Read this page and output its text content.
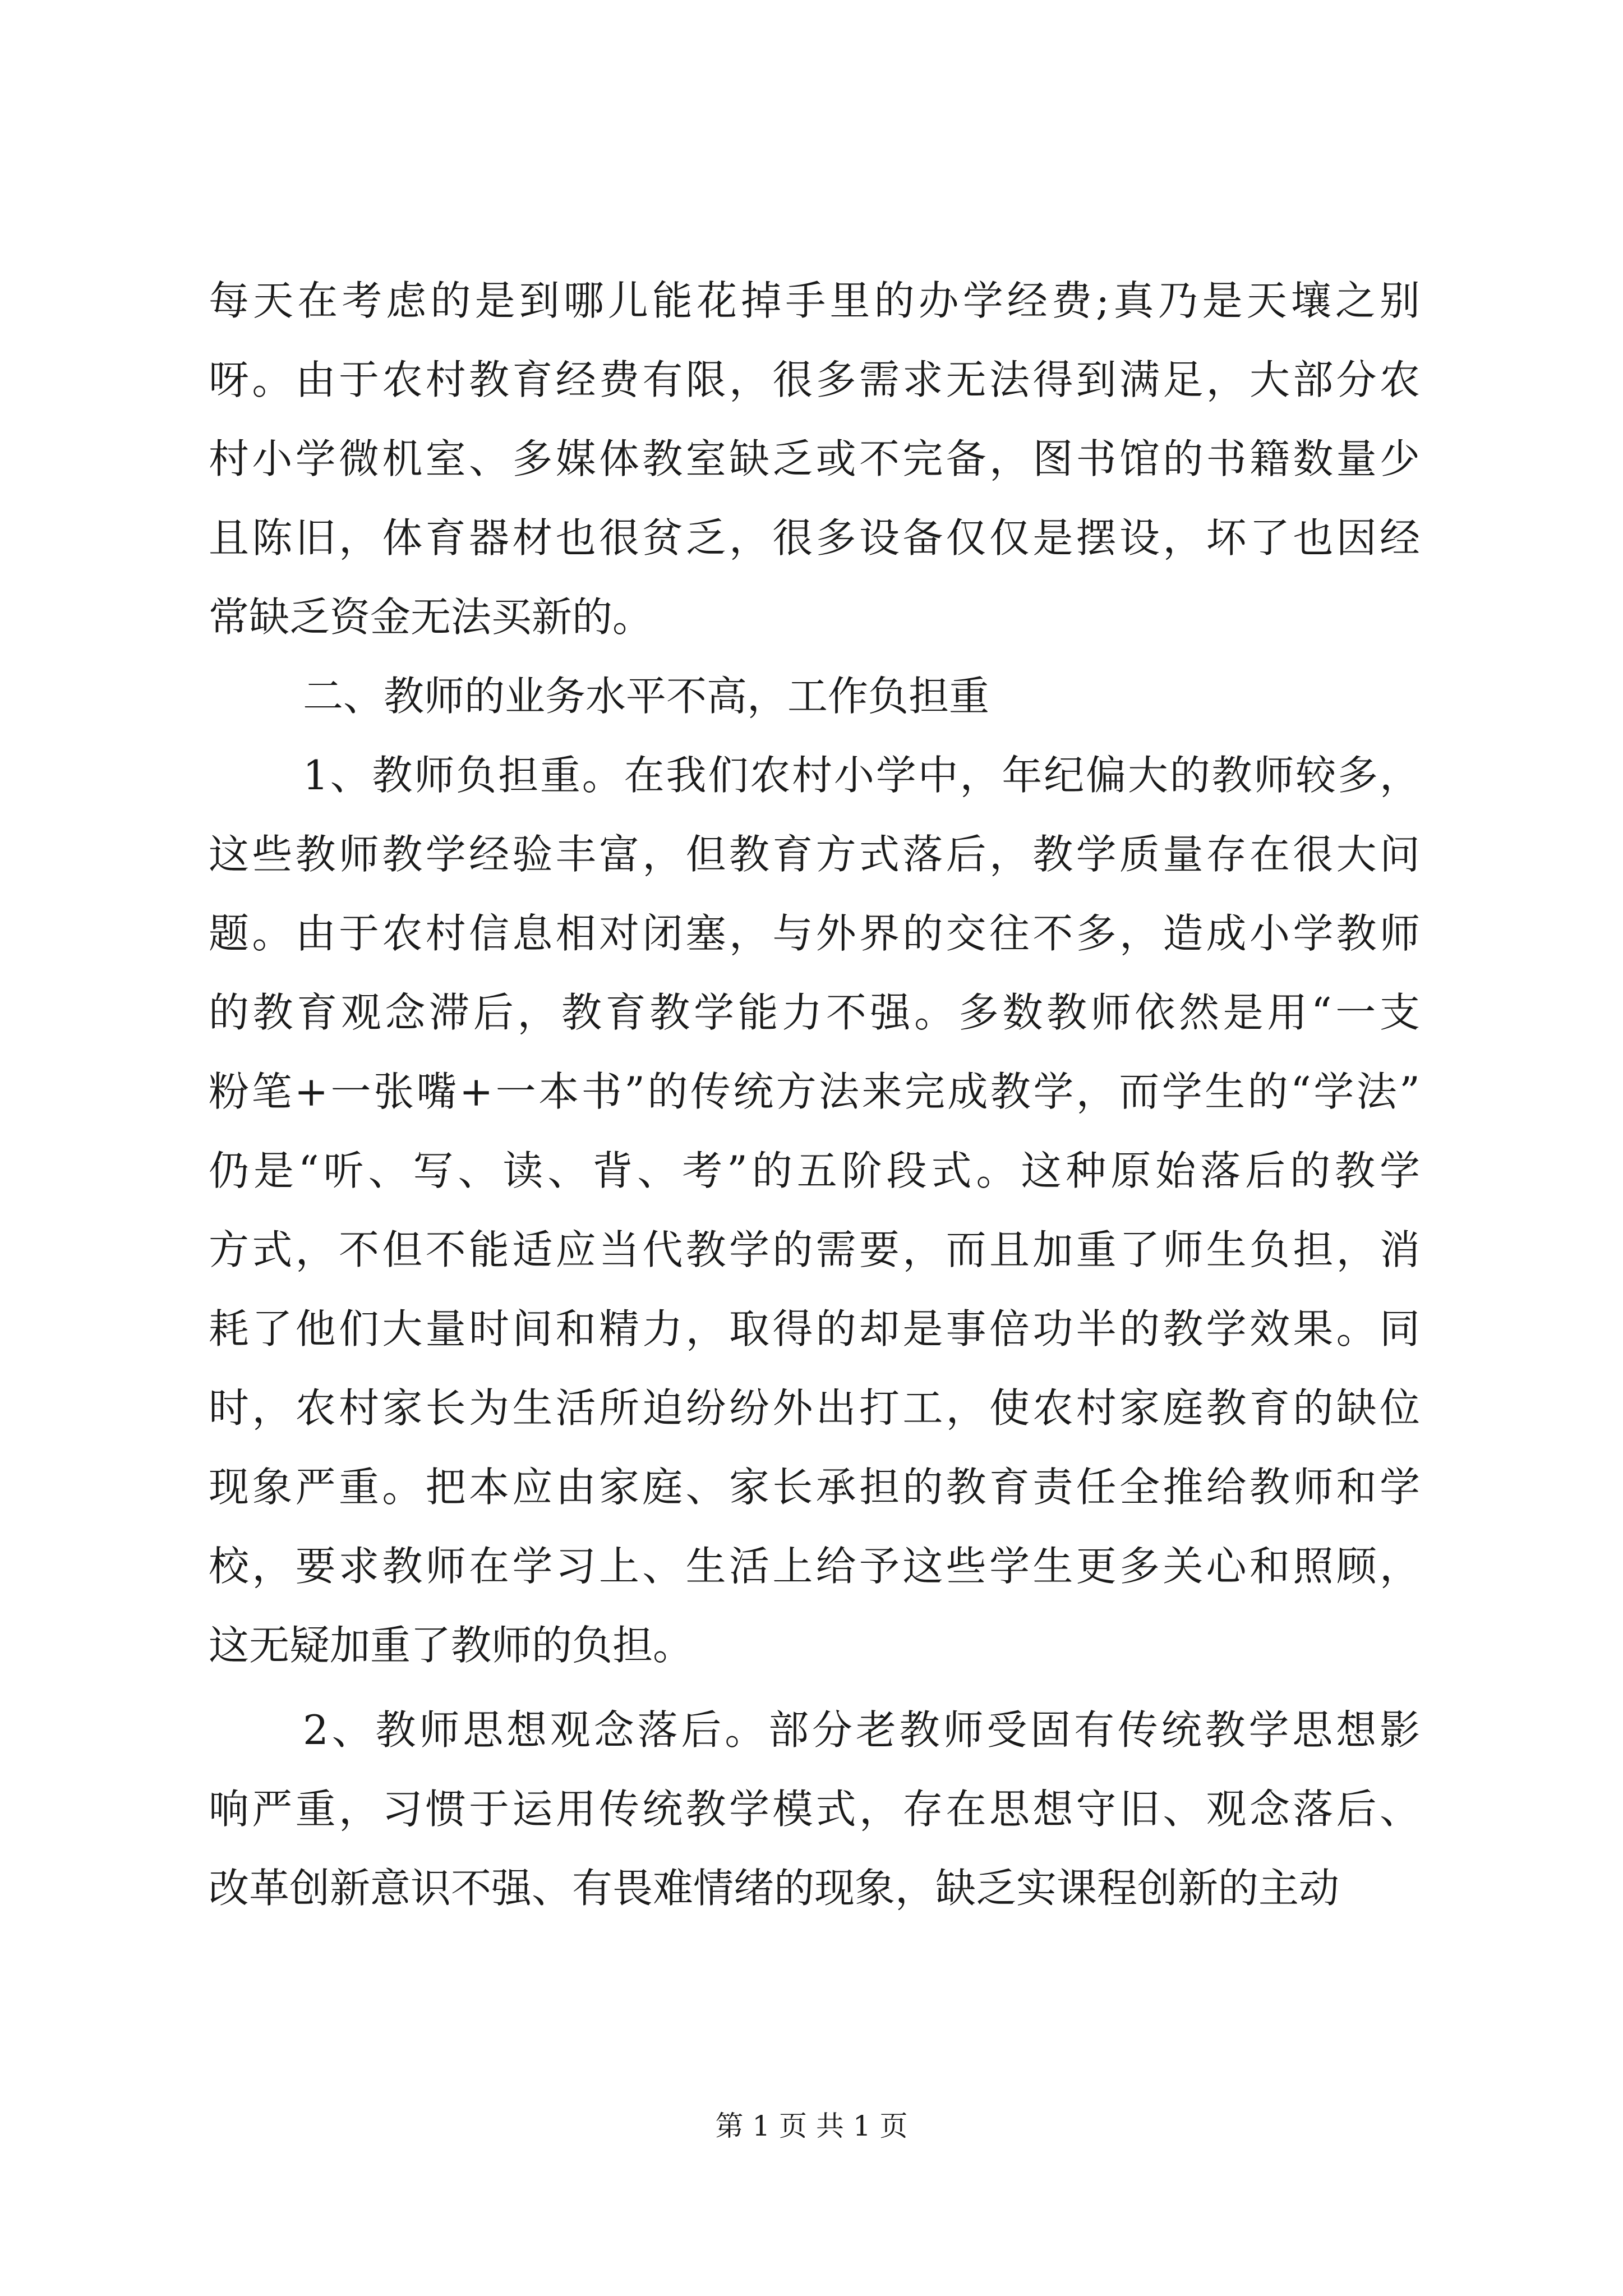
每天在考虑的是到哪儿能花掉手里的办学经费;真乃是天壤之别
呀。由于农村教育经费有限，很多需求无法得到满足，大部分农
村小学微机室、多媒体教室缺乏或不完备，图书馆的书籍数量少
且陈旧，体育器材也很贫乏，很多设备仅仅是摆设，坏了也因经
常缺乏资金无法买新的。
二、教师的业务水平不高，工作负担重
1、教师负担重。在我们农村小学中，年纪偏大的教师较多，
这些教师教学经验丰富，但教育方式落后，教学质量存在很大问
题。由于农村信息相对闭塞，与外界的交往不多，造成小学教师
的教育观念滞后，教育教学能力不强。多数教师依然是用“一支
粉笔+一张嘴+一本书”的传统方法来完成教学，而学生的“学法”
仍是“听、写、读、背、考”的五阶段式。这种原始落后的教学
方式，不但不能适应当代教学的需要，而且加重了师生负担，消
耗了他们大量时间和精力，取得的却是事倍功半的教学效果。同
时，农村家长为生活所迫纷纷外出打工，使农村家庭教育的缺位
现象严重。把本应由家庭、家长承担的教育责任全推给教师和学
校，要求教师在学习上、生活上给予这些学生更多关心和照顾，
这无疑加重了教师的负担。
2、教师思想观念落后。部分老教师受固有传统教学思想影
响严重，习惯于运用传统教学模式，存在思想守旧、观念落后、
改革创新意识不强、有畏难情绪的现象，缺乏实课程创新的主动
第 1 页 共 1 页
